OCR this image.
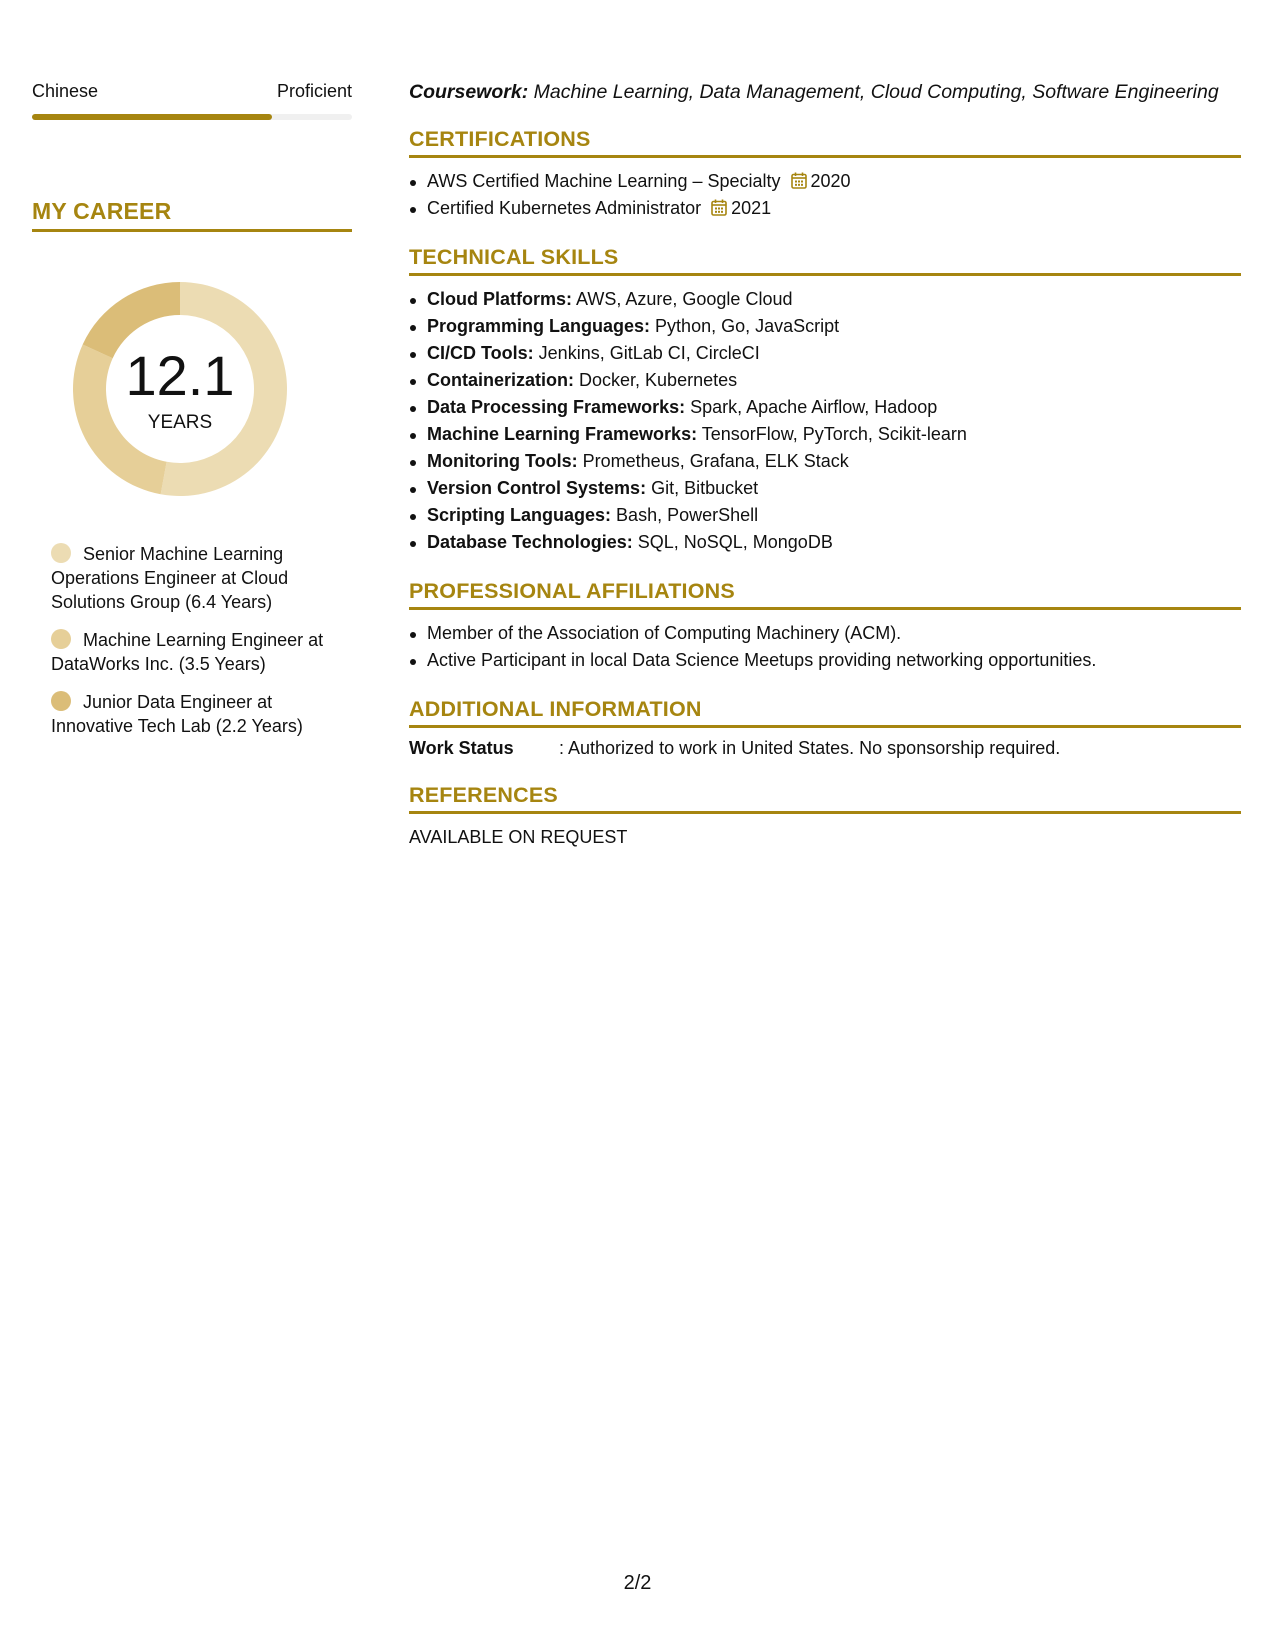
Chinese	Proficient
MY CAREER
12.1
YEARS
Senior Machine Learning Operations Engineer at Cloud Solutions Group (6.4 Years)
Machine Learning Engineer at DataWorks Inc. (3.5 Years)
Junior Data Engineer at Innovative Tech Lab (2.2 Years)
Coursework: Machine Learning, Data Management, Cloud Computing, Software Engineering
CERTIFICATIONS
AWS Certified Machine Learning – Specialty 2020
Certified Kubernetes Administrator 2021
TECHNICAL SKILLS
Cloud Platforms: AWS, Azure, Google Cloud
Programming Languages: Python, Go, JavaScript
CI/CD Tools: Jenkins, GitLab CI, CircleCI
Containerization: Docker, Kubernetes
Data Processing Frameworks: Spark, Apache Airflow, Hadoop
Machine Learning Frameworks: TensorFlow, PyTorch, Scikit-learn
Monitoring Tools: Prometheus, Grafana, ELK Stack
Version Control Systems: Git, Bitbucket
Scripting Languages: Bash, PowerShell
Database Technologies: SQL, NoSQL, MongoDB
PROFESSIONAL AFFILIATIONS
Member of the Association of Computing Machinery (ACM).
Active Participant in local Data Science Meetups providing networking opportunities.
ADDITIONAL INFORMATION
Work Status	: Authorized to work in United States. No sponsorship required.
REFERENCES
AVAILABLE ON REQUEST
2/2
